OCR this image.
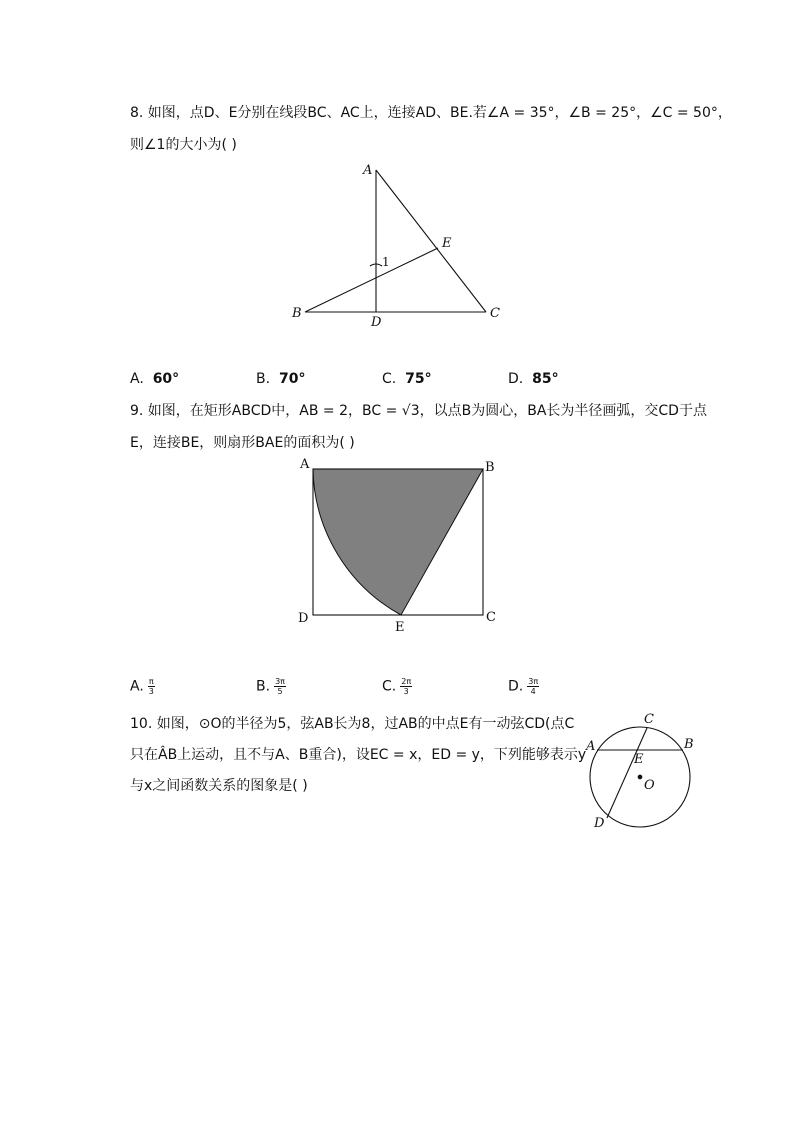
8. 如图，点D、E分别在线段BC、AC上，连接AD、BE.若∠A = 35°，∠B = 25°，∠C = 50°，
则∠1的大小为( )
A
B	C
D
E
1
A	B
C
D
E
C
A	B
E
O
D
A. 60°	B. 70°	C. 75°	D. 85°
9. 如图，在矩形ABCD中，AB = 2，BC = √3，以点B为圆心，BA长为半径画弧，交CD于点
E，连接BE，则扇形BAE的面积为( )
A. $\frac{\pi}{3}$	B. $\frac{3\pi}{5}$	C. $\frac{2\pi}{3}$	D. $\frac{3\pi}{4}$
10. 如图，⊙O的半径为5，弦AB长为8，过AB的中点E有一动弦CD(点C
只在ÂB上运动，且不与A、B重合)，设EC = x，ED = y，下列能够表示y
与x之间函数关系的图象是( )
